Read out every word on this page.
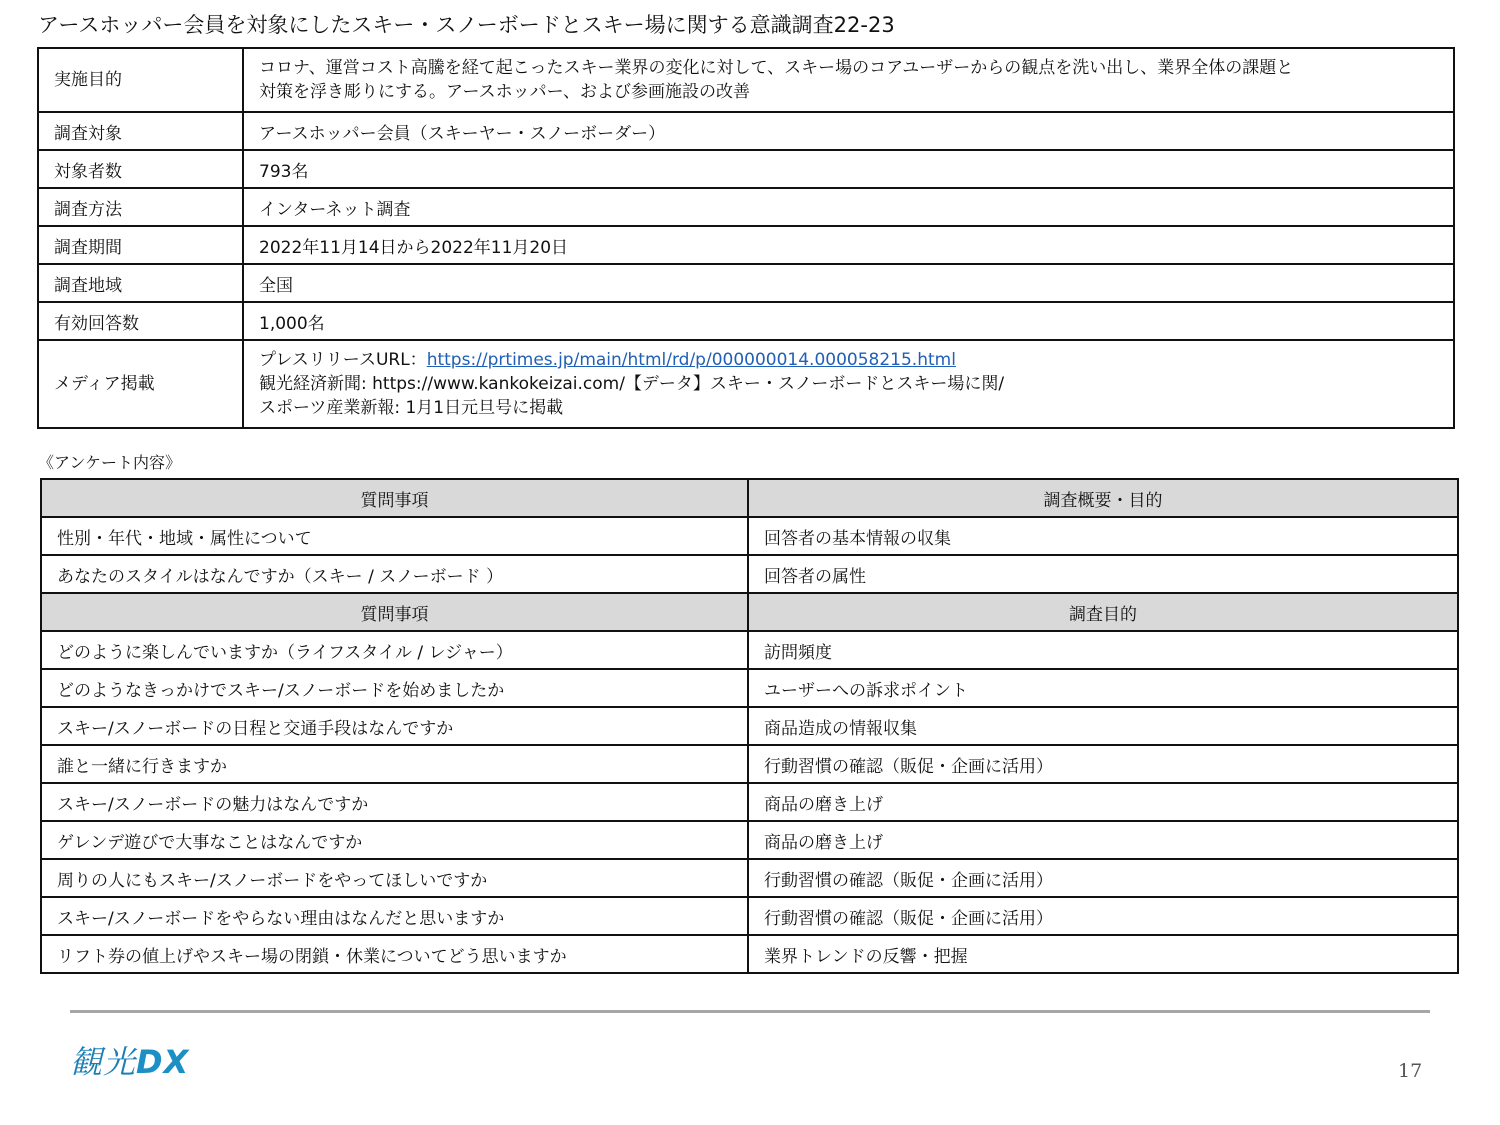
アースホッパー会員を対象にしたスキー・スノーボードとスキー場に関する意識調査22-23
実施目的	コロナ、運営コスト高騰を経て起こったスキー業界の変化に対して、スキー場のコアユーザーからの観点を洗い出し、業界全体の課題と
対策を浮き彫りにする。アースホッパー、および参画施設の改善

調査対象	アースホッパー会員（スキーヤー・スノーボーダー）
対象者数	793名
調査方法	インターネット調査
調査期間	2022年11月14日から2022年11月20日
調査地域	全国
有効回答数	1,000名
メディア掲載	プレスリリースURL：https://prtimes.jp/main/html/rd/p/000000014.000058215.html
観光経済新聞: https://www.kankokeizai.com/【データ】スキー・スノーボードとスキー場に関/
スポーツ産業新報: 1月1日元旦号に掲載
《アンケート内容》
質問事項	調査概要・目的
性別・年代・地域・属性について	回答者の基本情報の収集
あなたのスタイルはなんですか（スキー / スノーボード ）	回答者の属性
質問事項	調査目的
どのように楽しんでいますか（ライフスタイル / レジャー）	訪問頻度
どのようなきっかけでスキー/スノーボードを始めましたか	ユーザーへの訴求ポイント
スキー/スノーボードの日程と交通手段はなんですか	商品造成の情報収集
誰と一緒に行きますか	行動習慣の確認（販促・企画に活用）
スキー/スノーボードの魅力はなんですか	商品の磨き上げ
ゲレンデ遊びで大事なことはなんですか	商品の磨き上げ
周りの人にもスキー/スノーボードをやってほしいですか	行動習慣の確認（販促・企画に活用）
スキー/スノーボードをやらない理由はなんだと思いますか	行動習慣の確認（販促・企画に活用）
リフト券の値上げやスキー場の閉鎖・休業についてどう思いますか	業界トレンドの反響・把握
観光DX	17
